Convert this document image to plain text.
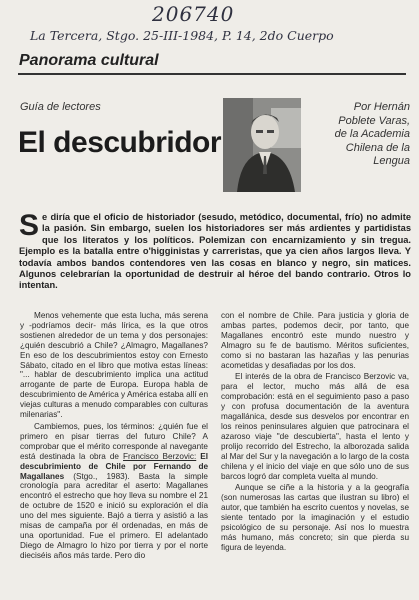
206740
La Tercera, Stgo. 25-III-1984, P. 14, 2do Cuerpo
Panorama cultural
Guía de lectores
El descubridor
Por Hernán
Poblete Varas,
de la Academia
Chilena de la
Lengua
Se diría que el oficio de historiador (sesudo, metódico, documental, frío) no admite la pasión. Sin embargo, suelen los historiadores ser más ardientes y partidistas que los literatos y los políticos. Polemizan con encarnizamiento y sin tregua. Ejemplo es la batalla entre o'higginistas y carreristas, que ya cien años largos lleva. Y todavía ambos bandos contendores ven las cosas en blanco y negro, sin matices. Algunos celebrarían la oportunidad de destruir al héroe del bando contrario. Otros lo intentan.

Menos vehemente que esta lucha, más serena y -podríamos decir- más lírica, es la que otros sostienen alrededor de un tema y dos personajes: ¿quién descubrió a Chile? ¿Almagro, Magallanes? En eso de los descubrimientos estoy con Ernesto Sábato, citado en el libro que motiva estas líneas: "... hablar de descubrimiento implica una actitud arrogante de parte de Europa. Europa habla de descubrimiento de América y América estaba allí en viejas culturas a menudo comparables con culturas milenarias".

Cambiemos, pues, los términos: ¿quién fue el primero en pisar tierras del futuro Chile? A comprobar que el mérito corresponde al navegante está destinada la obra de Francisco Berzovic: El descubrimiento de Chile por Fernando de Magallanes (Stgo., 1983). Basta la simple cronología para acreditar el aserto: Magallanes encontró el estrecho que hoy lleva su nombre el 21 de octubre de 1520 e inició su exploración el día uno del mes siguiente. Bajó a tierra y asistió a las misas de campaña por él ordenadas, en más de una oportunidad. Fue el primero. El adelantado Diego de Almagro lo hizo por tierra y por el norte dieciséis años más tarde. Pero dio

con el nombre de Chile. Para justicia y gloria de ambas partes, podemos decir, por tanto, que Magallanes encontró este mundo nuestro y Almagro su fe de bautismo. Méritos suficientes, como si no bastaran las hazañas y las penurias acometidas y desafiadas por los dos.

El interés de la obra de Francisco Berzovic va, para el lector, mucho más allá de esa comprobación: está en el seguimiento paso a paso y con profusa documentación de la aventura magallánica, desde sus desvelos por encontrar en los reinos peninsulares alguien que patrocinara el azaroso viaje "de descubierta", hasta el lento y prolijo recorrido del Estrecho, la alborozada salida al Mar del Sur y la navegación a lo largo de la costa chilena y el inicio del viaje en que sólo uno de sus barcos logró dar completa vuelta al mundo.

Aunque se ciñe a la historia y a la geografía (son numerosas las cartas que ilustran su libro) el autor, que también ha escrito cuentos y novelas, se siente tentado por la imaginación y el estudio psicológico de su personaje. Así nos lo muestra más humano, más concreto; sin que pierda su figura de leyenda.
